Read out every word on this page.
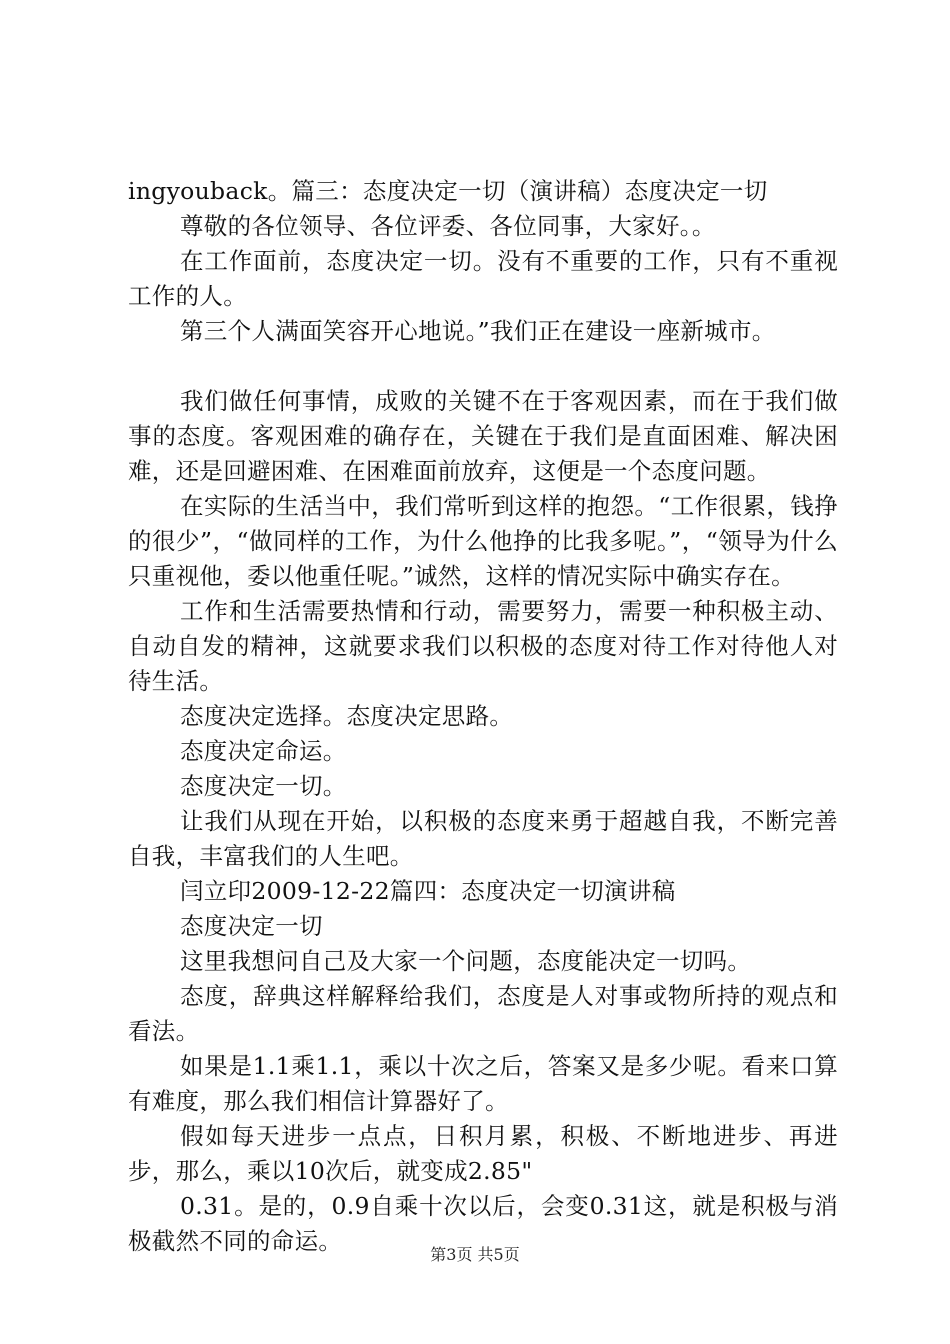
ingyouback。篇三：态度决定一切（演讲稿）态度决定一切

尊敬的各位领导、各位评委、各位同事，大家好。。

在工作面前，态度决定一切。没有不重要的工作，只有不重视工作的人。

第三个人满面笑容开心地说。”我们正在建设一座新城市。

我们做任何事情，成败的关键不在于客观因素，而在于我们做事的态度。客观困难的确存在，关键在于我们是直面困难、解决困难，还是回避困难、在困难面前放弃，这便是一个态度问题。

在实际的生活当中，我们常听到这样的抱怨。“工作很累，钱挣的很少”，“做同样的工作，为什么他挣的比我多呢。”，“领导为什么只重视他，委以他重任呢。”诚然，这样的情况实际中确实存在。

工作和生活需要热情和行动，需要努力，需要一种积极主动、自动自发的精神，这就要求我们以积极的态度对待工作对待他人对待生活。

态度决定选择。态度决定思路。

态度决定命运。

态度决定一切。

让我们从现在开始，以积极的态度来勇于超越自我，不断完善自我，丰富我们的人生吧。

闫立印2009-12-22篇四：态度决定一切演讲稿

态度决定一切

这里我想问自己及大家一个问题，态度能决定一切吗。

态度，辞典这样解释给我们，态度是人对事或物所持的观点和看法。

如果是1.1乘1.1，乘以十次之后，答案又是多少呢。看来口算有难度，那么我们相信计算器好了。

假如每天进步一点点，日积月累，积极、不断地进步、再进步，那么，乘以10次后，就变成2.85"

0.31。是的，0.9自乘十次以后，会变0.31这，就是积极与消极截然不同的命运。	第3页 共5页
